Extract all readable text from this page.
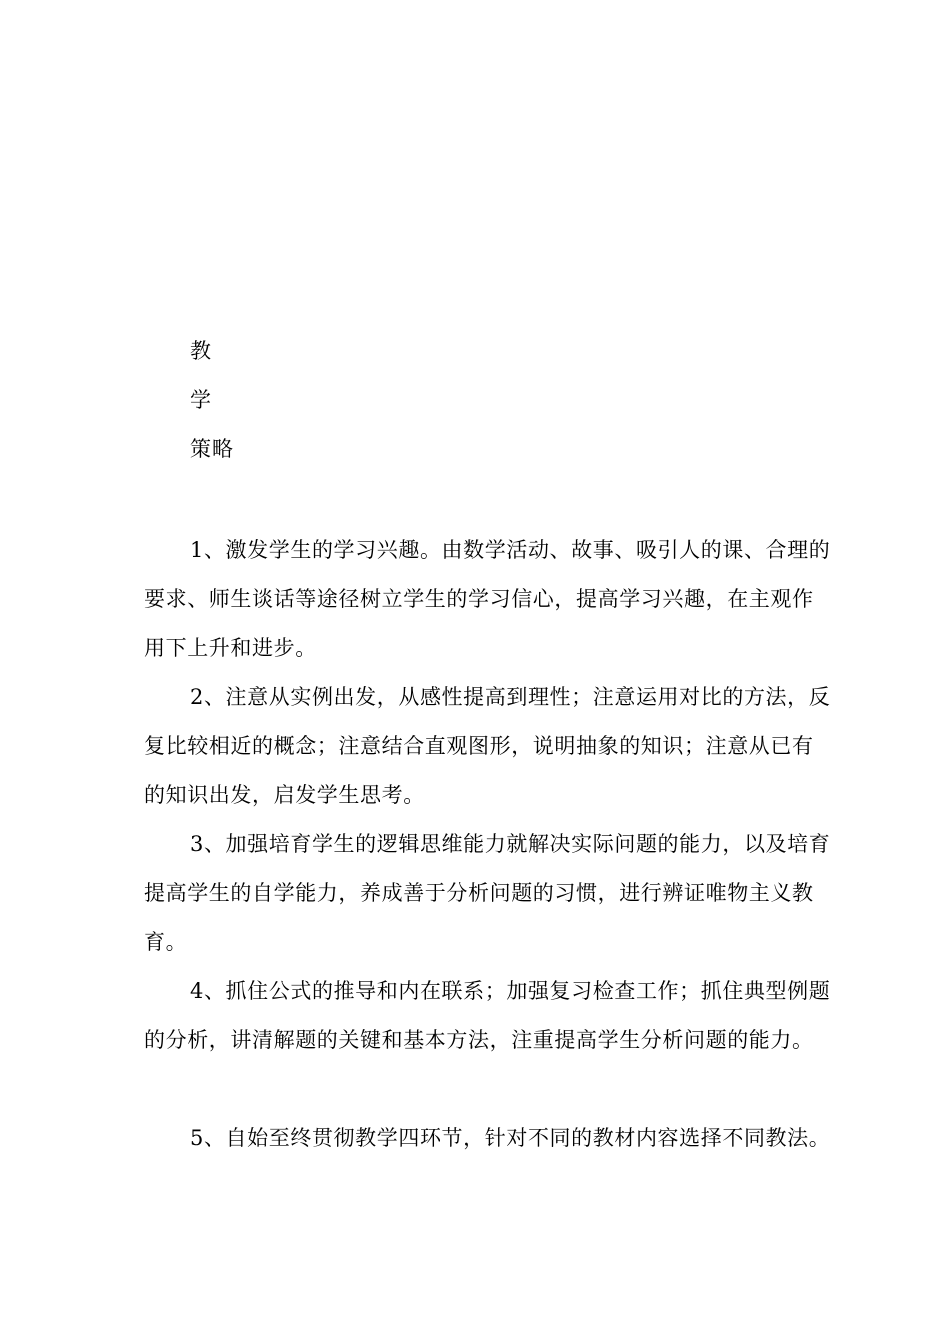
教
学
策略

1、激发学生的学习兴趣。由数学活动、故事、吸引人的课、合理的要求、师生谈话等途径树立学生的学习信心，提高学习兴趣，在主观作用下上升和进步。

2、注意从实例出发，从感性提高到理性；注意运用对比的方法，反复比较相近的概念；注意结合直观图形，说明抽象的知识；注意从已有的知识出发，启发学生思考。

3、加强培育学生的逻辑思维能力就解决实际问题的能力，以及培育提高学生的自学能力，养成善于分析问题的习惯，进行辨证唯物主义教育。

4、抓住公式的推导和内在联系；加强复习检查工作；抓住典型例题的分析，讲清解题的关键和基本方法，注重提高学生分析问题的能力。

5、自始至终贯彻教学四环节，针对不同的教材内容选择不同教法。
